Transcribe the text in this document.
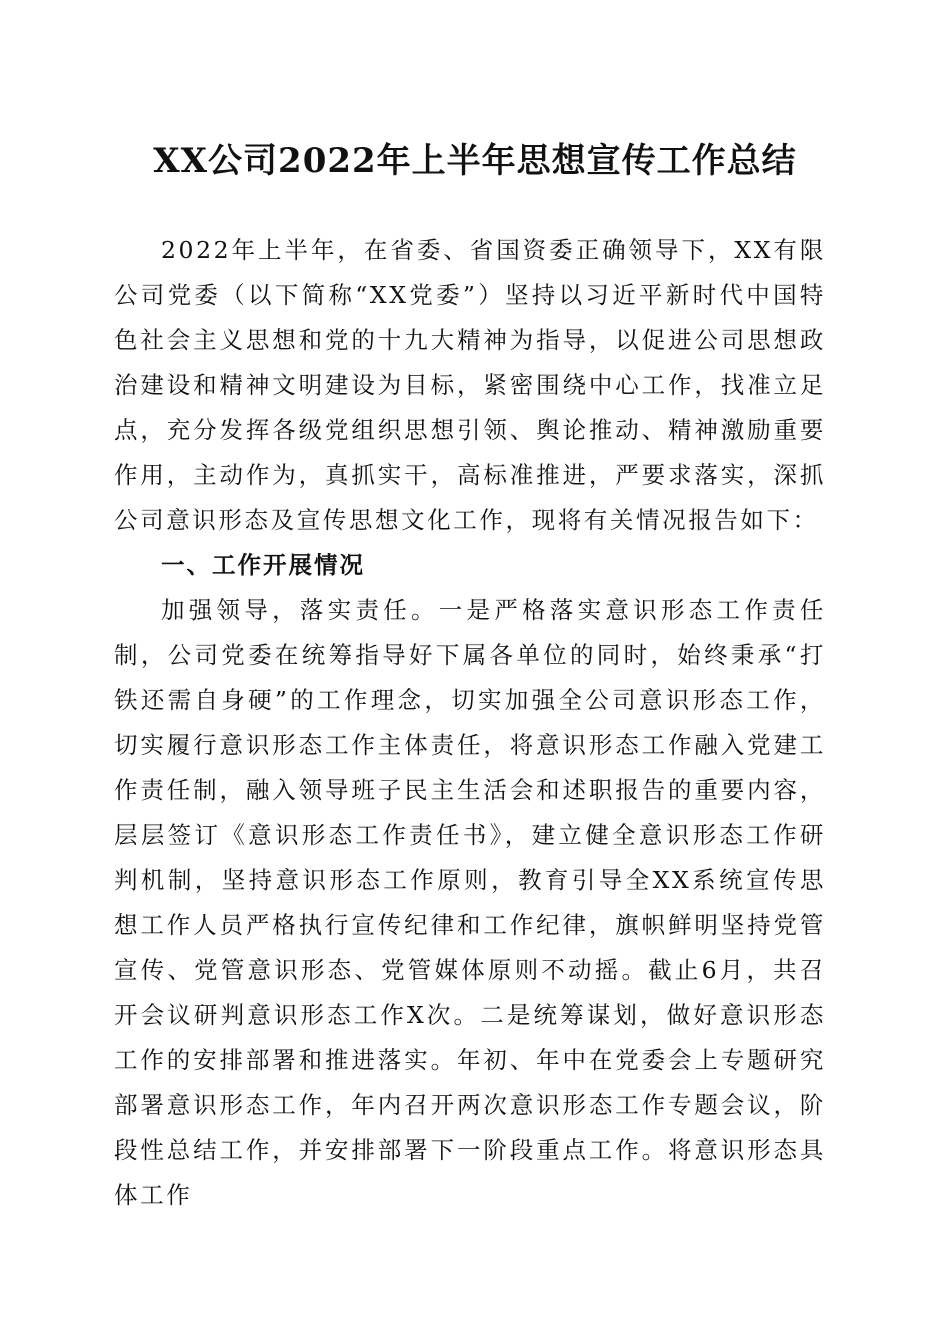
XX公司2022年上半年思想宣传工作总结

2022年上半年，在省委、省国资委正确领导下，XX有限公司党委（以下简称“XX党委”）坚持以习近平新时代中国特色社会主义思想和党的十九大精神为指导，以促进公司思想政治建设和精神文明建设为目标，紧密围绕中心工作，找准立足点，充分发挥各级党组织思想引领、舆论推动、精神激励重要作用，主动作为，真抓实干，高标准推进，严要求落实，深抓公司意识形态及宣传思想文化工作，现将有关情况报告如下：

一、工作开展情况

加强领导，落实责任。一是严格落实意识形态工作责任制，公司党委在统筹指导好下属各单位的同时，始终秉承“打铁还需自身硬”的工作理念，切实加强全公司意识形态工作，切实履行意识形态工作主体责任，将意识形态工作融入党建工作责任制，融入领导班子民主生活会和述职报告的重要内容，层层签订《意识形态工作责任书》，建立健全意识形态工作研判机制，坚持意识形态工作原则，教育引导全XX系统宣传思想工作人员严格执行宣传纪律和工作纪律，旗帜鲜明坚持党管宣传、党管意识形态、党管媒体原则不动摇。截止6月，共召开会议研判意识形态工作X次。二是统筹谋划，做好意识形态工作的安排部署和推进落实。年初、年中在党委会上专题研究部署意识形态工作，年内召开两次意识形态工作专题会议，阶段性总结工作，并安排部署下一阶段重点工作。将意识形态具体工作
